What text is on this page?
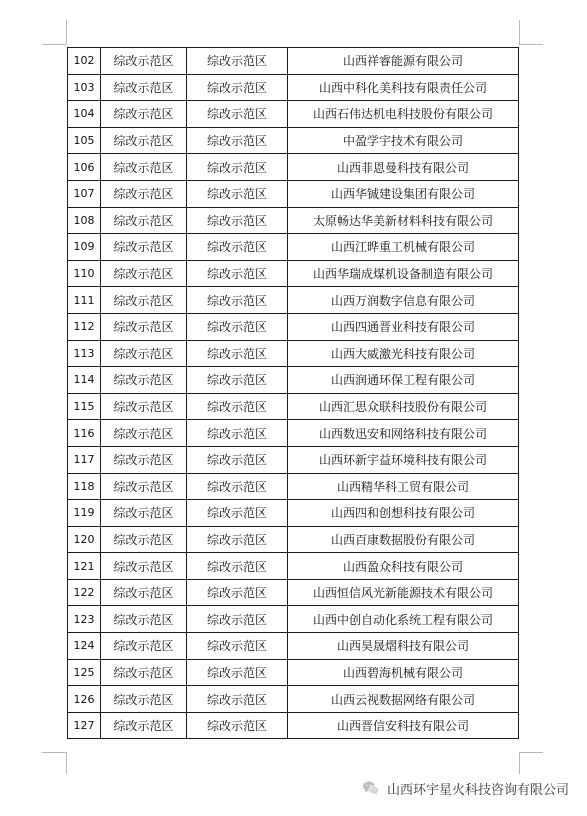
102	综改示范区	综改示范区	山西祥睿能源有限公司
103	综改示范区	综改示范区	山西中科化美科技有限责任公司
104	综改示范区	综改示范区	山西石伟达机电科技股份有限公司
105	综改示范区	综改示范区	中盈学宇技术有限公司
106	综改示范区	综改示范区	山西菲恩曼科技有限公司
107	综改示范区	综改示范区	山西华铖建设集团有限公司
108	综改示范区	综改示范区	太原畅达华美新材料科技有限公司
109	综改示范区	综改示范区	山西江晔重工机械有限公司
110	综改示范区	综改示范区	山西华瑞成煤机设备制造有限公司
111	综改示范区	综改示范区	山西万润数字信息有限公司
112	综改示范区	综改示范区	山西四通晋业科技有限公司
113	综改示范区	综改示范区	山西大威激光科技有限公司
114	综改示范区	综改示范区	山西润通环保工程有限公司
115	综改示范区	综改示范区	山西汇思众联科技股份有限公司
116	综改示范区	综改示范区	山西数迅安和网络科技有限公司
117	综改示范区	综改示范区	山西环新宇益环境科技有限公司
118	综改示范区	综改示范区	山西精华科工贸有限公司
119	综改示范区	综改示范区	山西四和创想科技有限公司
120	综改示范区	综改示范区	山西百康数据股份有限公司
121	综改示范区	综改示范区	山西盈众科技有限公司
122	综改示范区	综改示范区	山西恒信风光新能源技术有限公司
123	综改示范区	综改示范区	山西中创自动化系统工程有限公司
124	综改示范区	综改示范区	山西昊晟熠科技有限公司
125	综改示范区	综改示范区	山西碧海机械有限公司
126	综改示范区	综改示范区	山西云视数据网络有限公司
127	综改示范区	综改示范区	山西晋信安科技有限公司
山西环宇星火科技咨询有限公司
